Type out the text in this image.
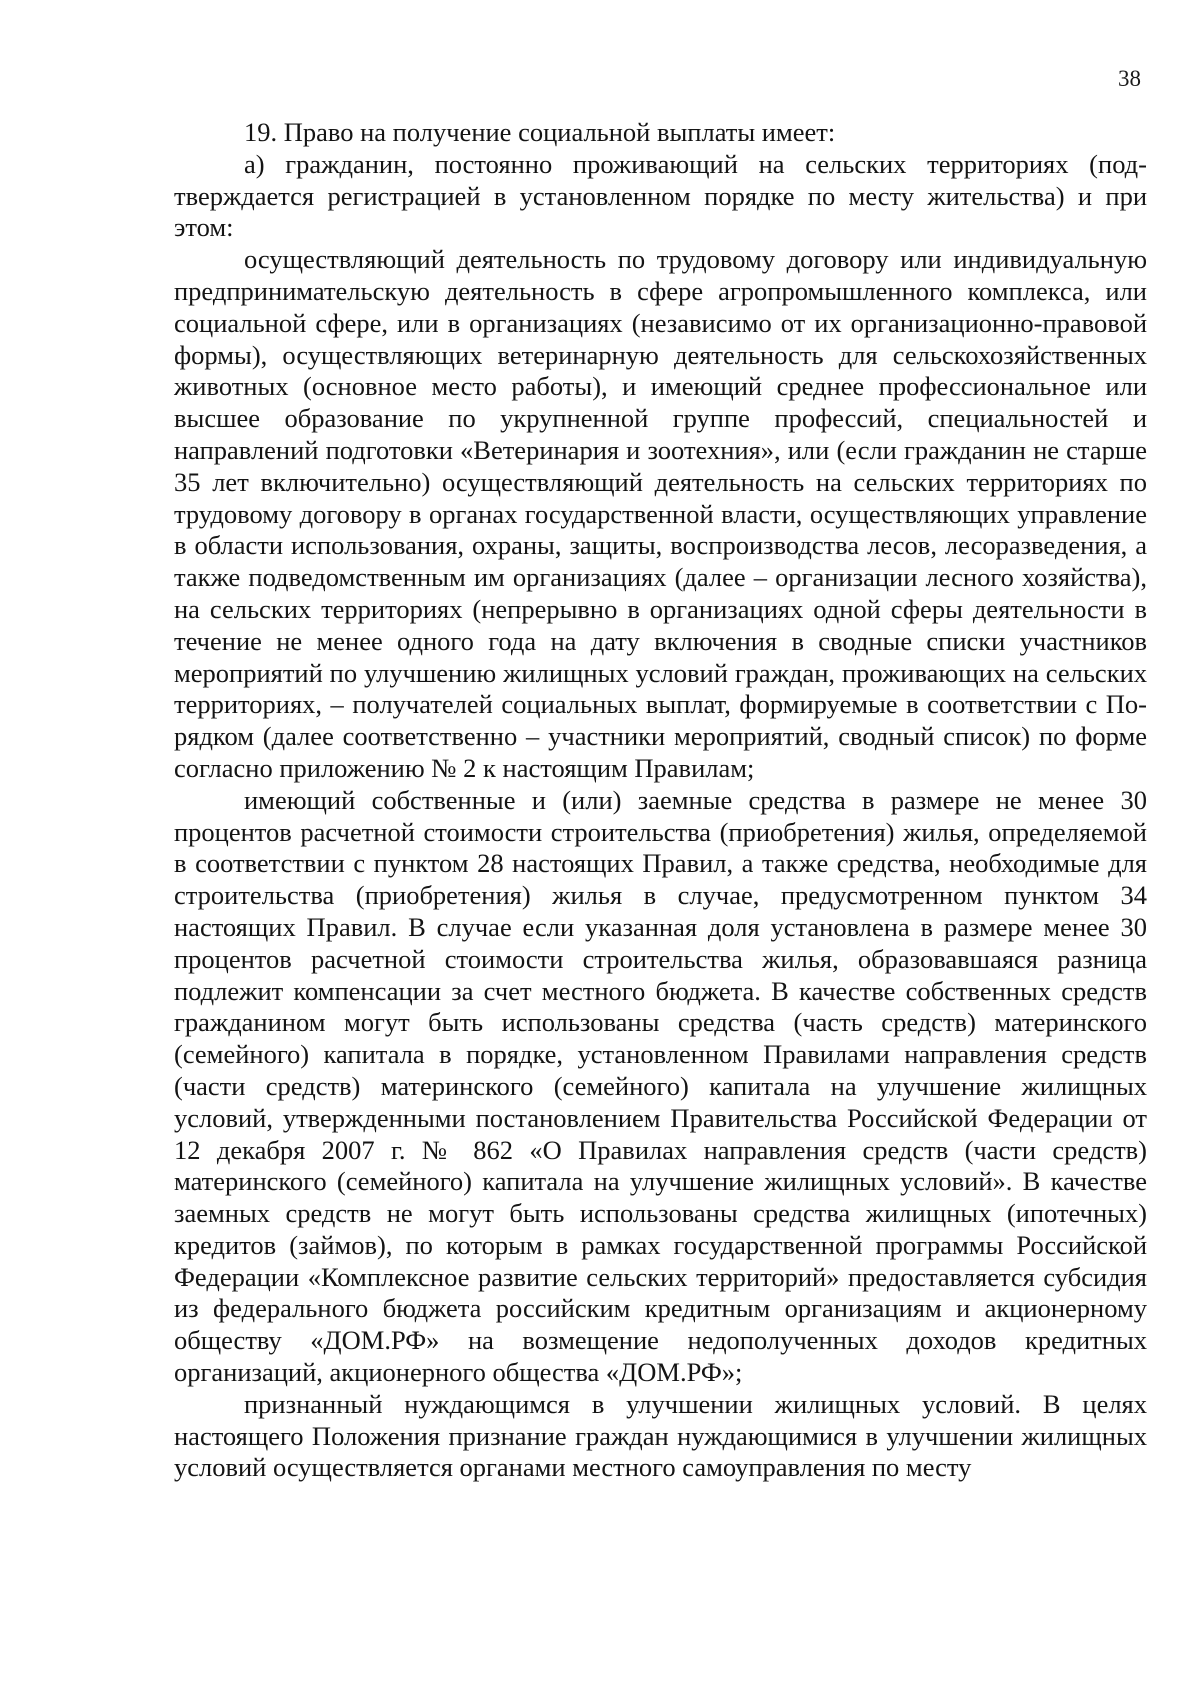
38

19. Право на получение социальной выплаты имеет:

а) гражданин, постоянно проживающий на сельских территориях (подтверждается регистрацией в установленном порядке по месту жительства) и при этом:

осуществляющий деятельность по трудовому договору или индивидуальную предпринимательскую деятельность в сфере агропромышленного комплекса, или социальной сфере, или в организациях (независимо от их организационно-правовой формы), осуществляющих ветеринарную деятельность для сельскохозяйственных животных (основное место работы), и имеющий среднее профессиональное или высшее образование по укрупненной группе профессий, специальностей и направлений подготовки «Ветеринария и зоотехния», или (если гражданин не старше 35 лет включительно) осуществляющий деятельность на сельских территориях по трудовому договору в органах государственной власти, осуществляющих управление в области использования, охраны, защиты, воспроизводства лесов, лесоразведения, а также подведомственным им организациях (далее – организации лесного хозяйства), на сельских территориях (непрерывно в организациях одной сферы деятельности в течение не менее одного года на дату включения в сводные списки участников мероприятий по улучшению жилищных условий граждан, проживающих на сельских территориях, – получателей социальных выплат, формируемые в соответствии с Порядком (далее соответственно – участники мероприятий, сводный список) по форме согласно приложению № 2 к настоящим Правилам;

имеющий собственные и (или) заемные средства в размере не менее 30 процентов расчетной стоимости строительства (приобретения) жилья, определяемой в соответствии с пунктом 28 настоящих Правил, а также средства, необходимые для строительства (приобретения) жилья в случае, предусмотренном пунктом 34 настоящих Правил. В случае если указанная доля установлена в размере менее 30 процентов расчетной стоимости строительства жилья, образовавшаяся разница подлежит компенсации за счет местного бюджета. В качестве собственных средств гражданином могут быть использованы средства (часть средств) материнского (семейного) капитала в порядке, установленном Правилами направления средств (части средств) материнского (семейного) капитала на улучшение жилищных условий, утвержденными постановлением Правительства Российской Федерации от 12 декабря 2007 г. № 862 «О Правилах направления средств (части средств) материнского (семейного) капитала на улучшение жилищных условий». В качестве заемных средств не могут быть использованы средства жилищных (ипотечных) кредитов (займов), по которым в рамках государственной программы Российской Федерации «Комплексное развитие сельских территорий» предоставляется субсидия из федерального бюджета российским кредитным организациям и акционерному обществу «ДОМ.РФ» на возмещение недополученных доходов кредитных организаций, акционерного общества «ДОМ.РФ»;

признанный нуждающимся в улучшении жилищных условий. В целях настоящего Положения признание граждан нуждающимися в улучшении жилищных условий осуществляется органами местного самоуправления по месту
